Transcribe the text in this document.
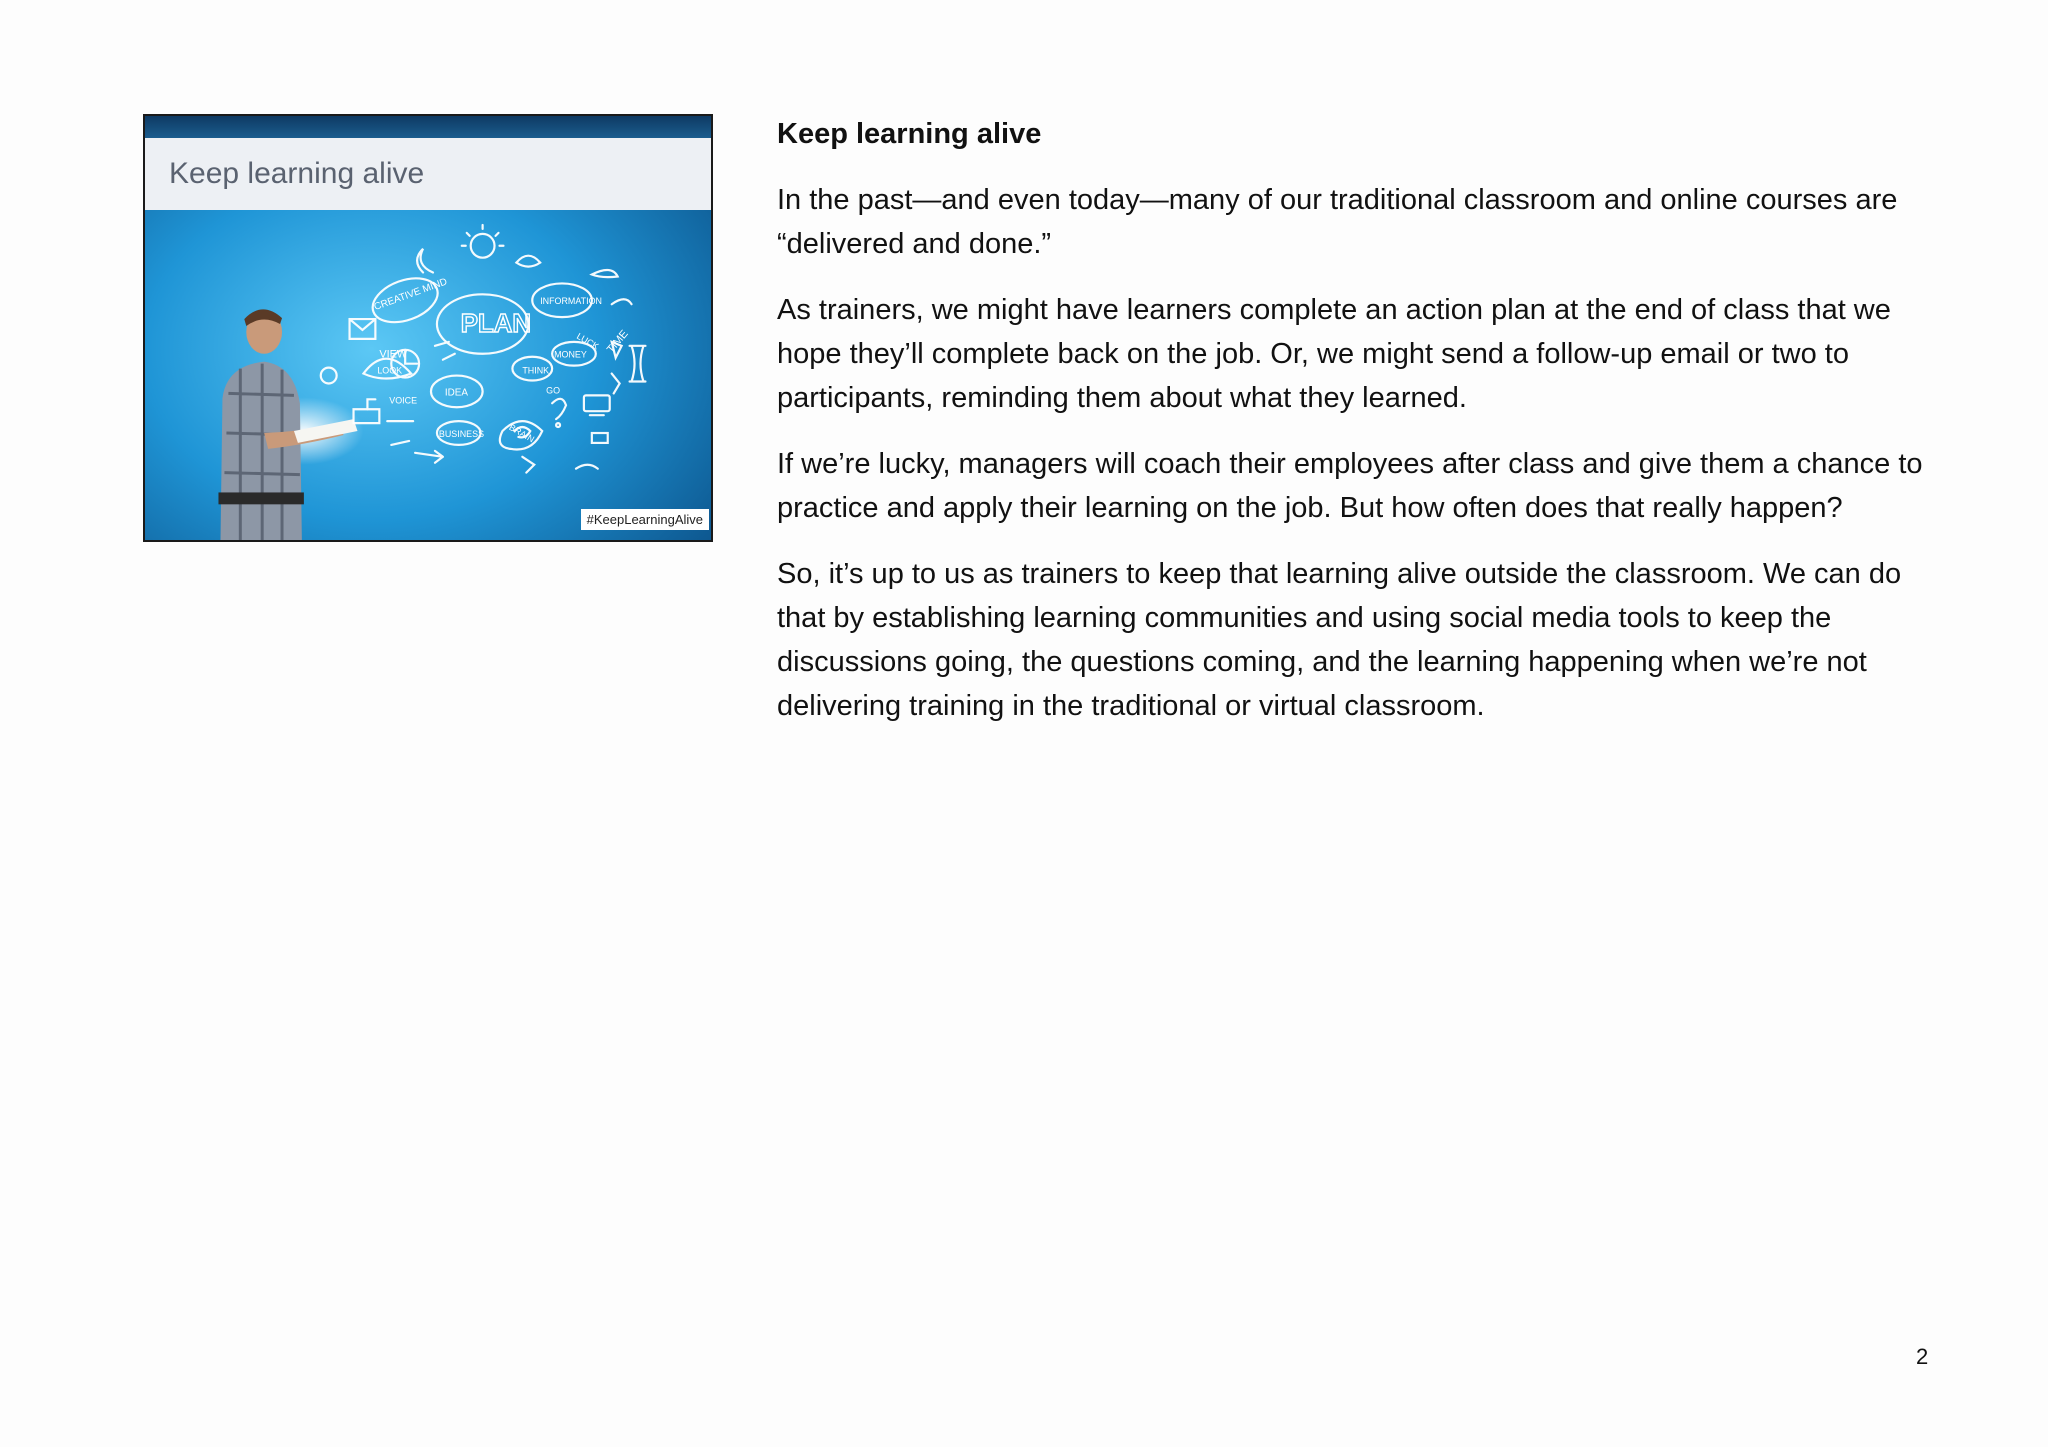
PLAN
CREATIVE MIND	INFORMATION
VIEW
LOOK
VOICE
IDEA
MONEY
LUCK TIME
THINK
GO
BUSINESS	BRAIN
Keep learning alive
#KeepLearningAlive
Keep learning alive

In the past—and even today—many of our traditional classroom and online courses are “delivered and done.”

As trainers, we might have learners complete an action plan at the end of class that we hope they’ll complete back on the job. Or, we might send a follow-up email or two to participants, reminding them about what they learned.

If we’re lucky, managers will coach their employees after class and give them a chance to practice and apply their learning on the job. But how often does that really happen?

So, it’s up to us as trainers to keep that learning alive outside the classroom. We can do that by establishing learning communities and using social media tools to keep the discussions going, the questions coming, and the learning happening when we’re not delivering training in the traditional or virtual classroom.

2
